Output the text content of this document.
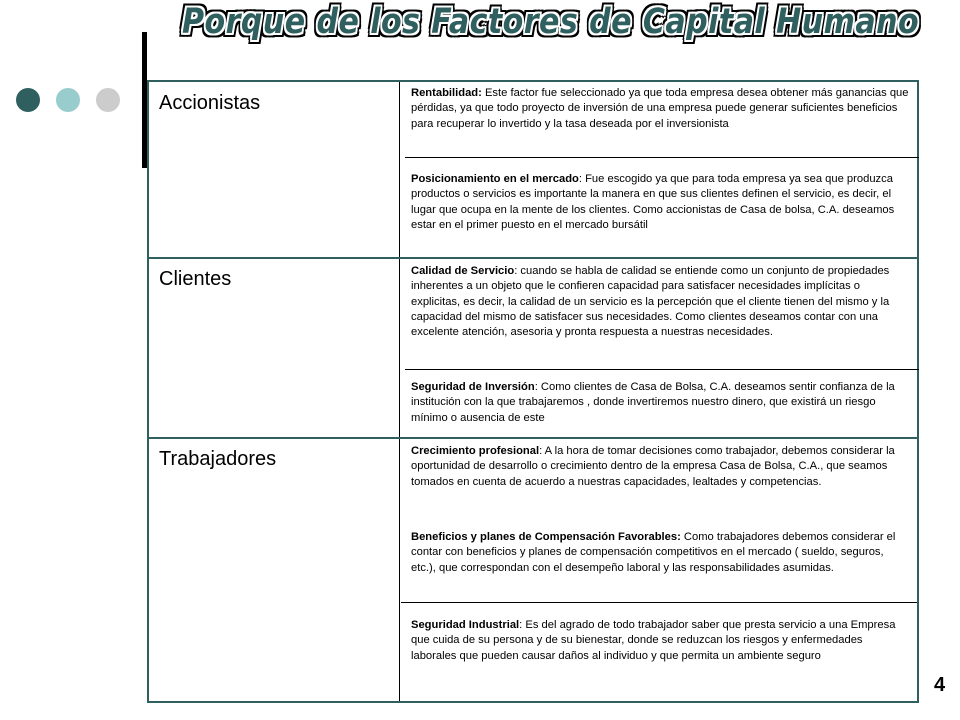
Porque de los Factores de Capital Humano
Accionistas	Rentabilidad: Este factor fue seleccionado ya que toda empresa desea obtener más ganancias que pérdidas, ya que todo proyecto de inversión de una empresa puede generar suficientes beneficios para recuperar lo invertido y la tasa deseada por el inversionista
Posicionamiento en el mercado: Fue escogido ya que para toda empresa ya sea que produzca productos o servicios es importante la manera en que sus clientes definen el servicio, es decir, el lugar que ocupa en la mente de los clientes. Como accionistas de Casa de bolsa, C.A. deseamos estar en el primer puesto en el mercado bursátil
Clientes	Calidad de Servicio: cuando se habla de calidad se entiende como un conjunto de propiedades inherentes a un objeto que le confieren capacidad para satisfacer necesidades implícitas o explicitas, es decir, la calidad de un servicio es la percepción que el cliente tienen del mismo y la capacidad del mismo de satisfacer sus necesidades. Como clientes deseamos contar con una excelente atención, asesoria y pronta respuesta a nuestras necesidades.
Seguridad de Inversión: Como clientes de Casa de Bolsa, C.A. deseamos sentir confianza de la institución con la que trabajaremos , donde invertiremos nuestro dinero, que existirá un riesgo mínimo o ausencia de este
Trabajadores	Crecimiento profesional: A la hora de tomar decisiones como trabajador, debemos considerar la oportunidad de desarrollo o crecimiento dentro de la empresa Casa de Bolsa, C.A., que seamos tomados en cuenta de acuerdo a nuestras capacidades, lealtades y competencias.
Beneficios y planes de Compensación Favorables: Como trabajadores debemos considerar el contar con beneficios y planes de compensación competitivos en el mercado ( sueldo, seguros, etc.), que correspondan con el desempeño laboral y las responsabilidades asumidas.
Seguridad Industrial: Es del agrado de todo trabajador saber que presta servicio a una Empresa que cuida de su persona y de su bienestar, donde se reduzcan los riesgos y enfermedades laborales que pueden causar daños al individuo y que permita un ambiente seguro
4
